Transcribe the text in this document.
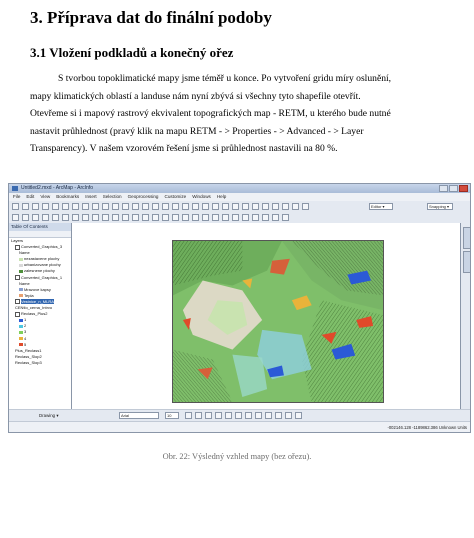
3. Příprava dat do finální podoby
3.1 Vložení podkladů a konečný ořez

S tvorbou topoklimatické mapy jsme téměř u konce. Po vytvoření gridu míry oslunění,
mapy klimatických oblastí a landuse nám nyní zbývá si všechny tyto shapefile otevřít.
Otevřeme si i mapový rastrový ekvivalent topografických map - RETM, u kterého bude nutné
nastavit průhlednost (pravý klik na mapu RETM - > Properties - > Advanced - > Layer
Transparency). V našem vzorovém řešení jsme si průhlednost nastavili na 80 %.

Untitled2.mxd - ArcMap - ArcInfo
File Edit View Bookmarks Insert Selection Geoprocessing Customize Windows Help
Editor ▾	Snapping ▾
Table Of Contents
Layers
Converted_Graphics_3
Name
nezastavene plochy
urbanizovane plochy
zalesnene plochy
Converted_Graphics_1
Name
Mrazove kapsy
Tepla
Vestnice_n_MLRA
CENtlo_cerna_Intrvo
Reclass_Plus2
1
2
3
4
5
Plus_Reclass1
Reclass_Slop2
Reclass_Slop3
Drawing ▾	Arial	10
-002146.128 -1189862.386 Unknown Units

Obr. 22: Výsledný vzhled mapy (bez ořezu).
